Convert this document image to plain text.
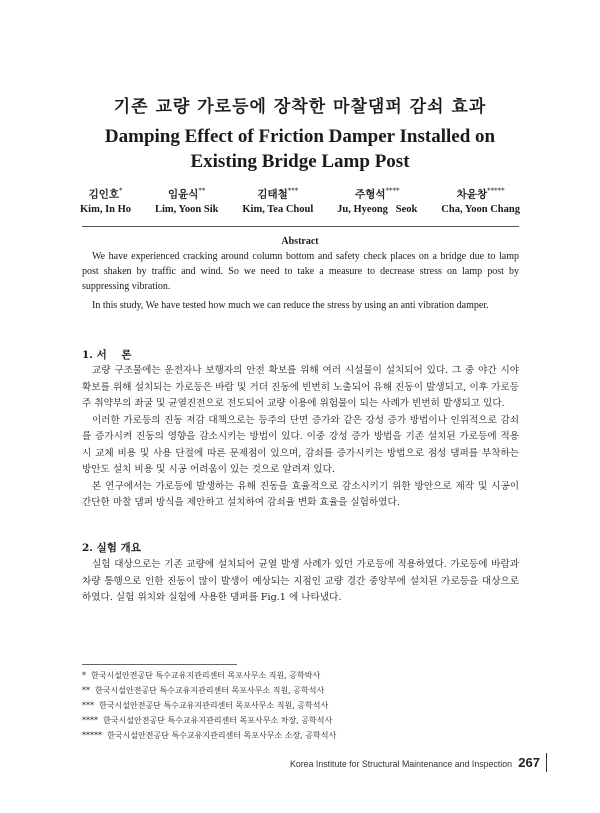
기존 교량 가로등에 장착한 마찰댐퍼 감쇠 효과
Damping Effect of Friction Damper Installed on
Existing Bridge Lamp Post
김인호*
Kim, In Ho
임윤식**
Lim, Yoon Sik
김태철***
Kim, Tea Choul
주형석****
Ju, Hyeong   Seok
차윤창*****
Cha, Yoon Chang
Abstract

We have experienced cracking around column bottom and safety check places on a bridge due to lamp post shaken by traffic and wind. So we need to take a measure to decrease stress on lamp post by suppressing vibration.

In this study, We have tested how much we can reduce the stress by using an anti vibration damper.

1. 서    론

교량 구조물에는 운전자나 보행자의 안전 확보를 위해 여러 시설물이 설치되어 있다. 그 중 야간 시야 확보를 위해 설치되는 가로등은 바람 및 거더 진동에 빈번히 노출되어 유해 진동이 발생되고, 이후 가로등주 취약부의 좌굴 및 균열진전으로 전도되어 교량 이용에 위험물이 되는 사례가 빈번히 발생되고 있다.

이러한 가로등의 진동 저감 대책으로는 등주의 단면 증가와 같은 강성 증가 방법이나 인위적으로 감쇠를 증가시켜 진동의 영향을 감소시키는 방법이 있다. 이중 강성 증가 방법을 기존 설치된 가로등에 적용 시 교체 비용 및 사용 단절에 따른 문제점이 있으며, 감쇠를 증가시키는 방법으로 점성 댐퍼를 부착하는 방안도 설치 비용 및 시공 어려움이 있는 것으로 알려져 있다.

본 연구에서는 가로등에 발생하는 유해 진동을 효율적으로 감소시키기 위한 방안으로 제작 및 시공이 간단한 마찰 댐퍼 방식을 제안하고 설치하여 감쇠율 변화 효율을 실험하였다.

2. 실험 개요

실험 대상으로는 기존 교량에 설치되어 균열 발생 사례가 있던 가로등에 적용하였다. 가로등에 바람과 차량 통행으로 인한 진동이 많이 발생이 예상되는 지점인 교량 경간 중앙부에 설치된 가로등을 대상으로 하였다. 실험 위치와 실험에 사용한 댐퍼를 Fig.1 에 나타냈다.

*  한국시설안전공단 특수교유지관리센터 목포사무소 직원, 공학박사
**  한국시설안전공단 특수교유지관리센터 목포사무소 직원, 공학석사
***  한국시설안전공단 특수교유지관리센터 목포사무소 직원, 공학석사
****  한국시설안전공단 특수교유지관리센터 목포사무소 차장, 공학석사
*****  한국시설안전공단 특수교유지관리센터 목포사무소 소장, 공학석사
Korea Institute for Structural Maintenance and Inspection 267
